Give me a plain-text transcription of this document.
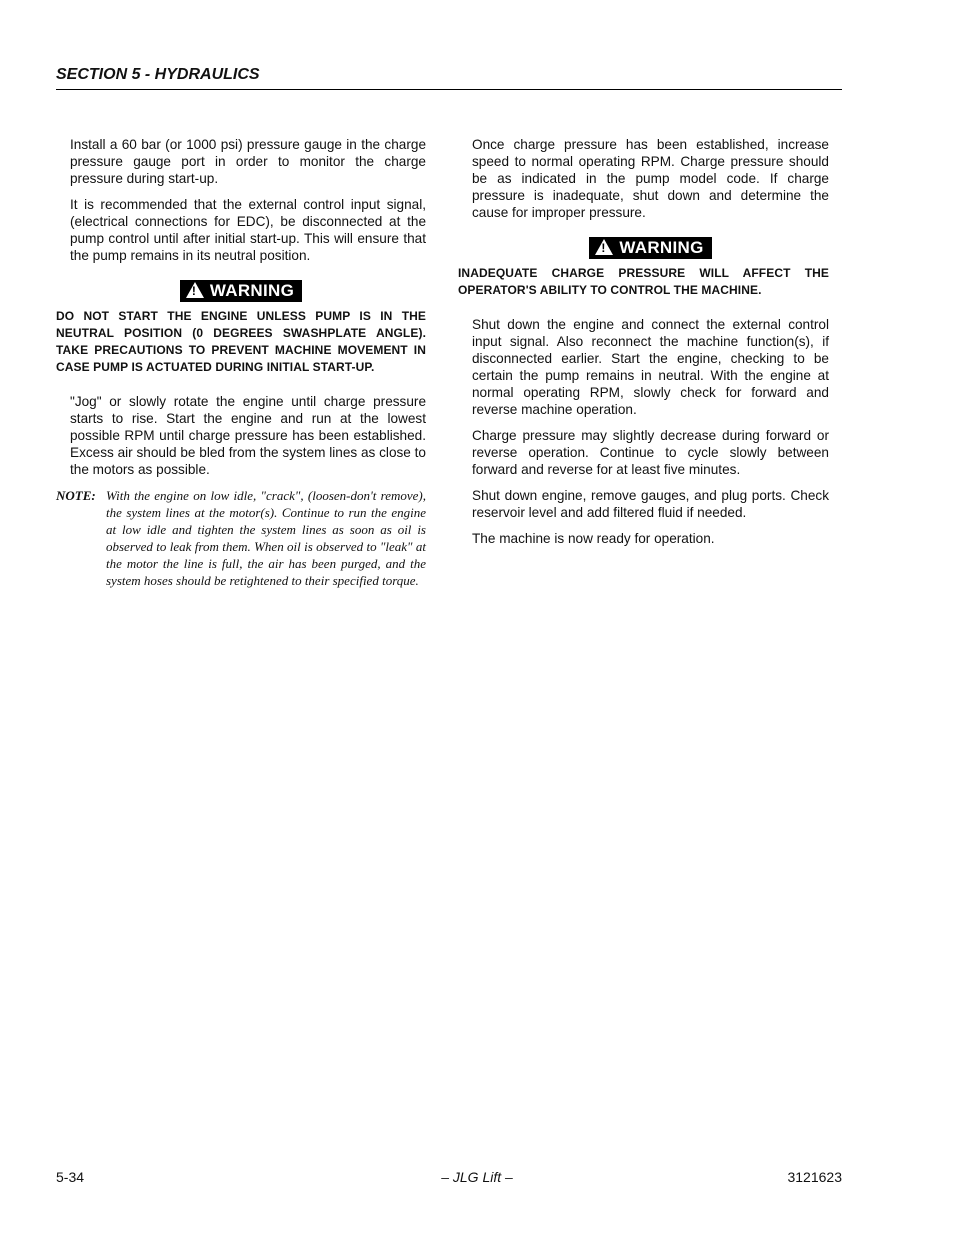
SECTION 5 - HYDRAULICS

Install a 60 bar (or 1000 psi) pressure gauge in the charge pressure gauge port in order to monitor the charge pressure during start-up.

It is recommended that the external control input signal, (electrical connections for EDC), be disconnected at the pump control until after initial start-up. This will ensure that the pump remains in its neutral position.

!WARNING

DO NOT START THE ENGINE UNLESS PUMP IS IN THE NEUTRAL POSITION (0 DEGREES SWASHPLATE ANGLE). TAKE PRECAUTIONS TO PREVENT MACHINE MOVEMENT IN CASE PUMP IS ACTUATED DURING INITIAL START-UP.

"Jog" or slowly rotate the engine until charge pressure starts to rise. Start the engine and run at the lowest possible RPM until charge pressure has been established. Excess air should be bled from the system lines as close to the motors as possible.

NOTE: With the engine on low idle, "crack", (loosen-don't remove), the system lines at the motor(s). Continue to run the engine at low idle and tighten the system lines as soon as oil is observed to leak from them. When oil is observed to "leak" at the motor the line is full, the air has been purged, and the system hoses should be retightened to their specified torque.

Once charge pressure has been established, increase speed to normal operating RPM. Charge pressure should be as indicated in the pump model code. If charge pressure is inadequate, shut down and determine the cause for improper pressure.

!WARNING

INADEQUATE CHARGE PRESSURE WILL AFFECT THE OPERATOR'S ABILITY TO CONTROL THE MACHINE.

Shut down the engine and connect the external control input signal. Also reconnect the machine function(s), if disconnected earlier. Start the engine, checking to be certain the pump remains in neutral. With the engine at normal operating RPM, slowly check for forward and reverse machine operation.

Charge pressure may slightly decrease during forward or reverse operation. Continue to cycle slowly between forward and reverse for at least five minutes.

Shut down engine, remove gauges, and plug ports. Check reservoir level and add filtered fluid if needed.

The machine is now ready for operation.

5-34	– JLG Lift –	3121623
